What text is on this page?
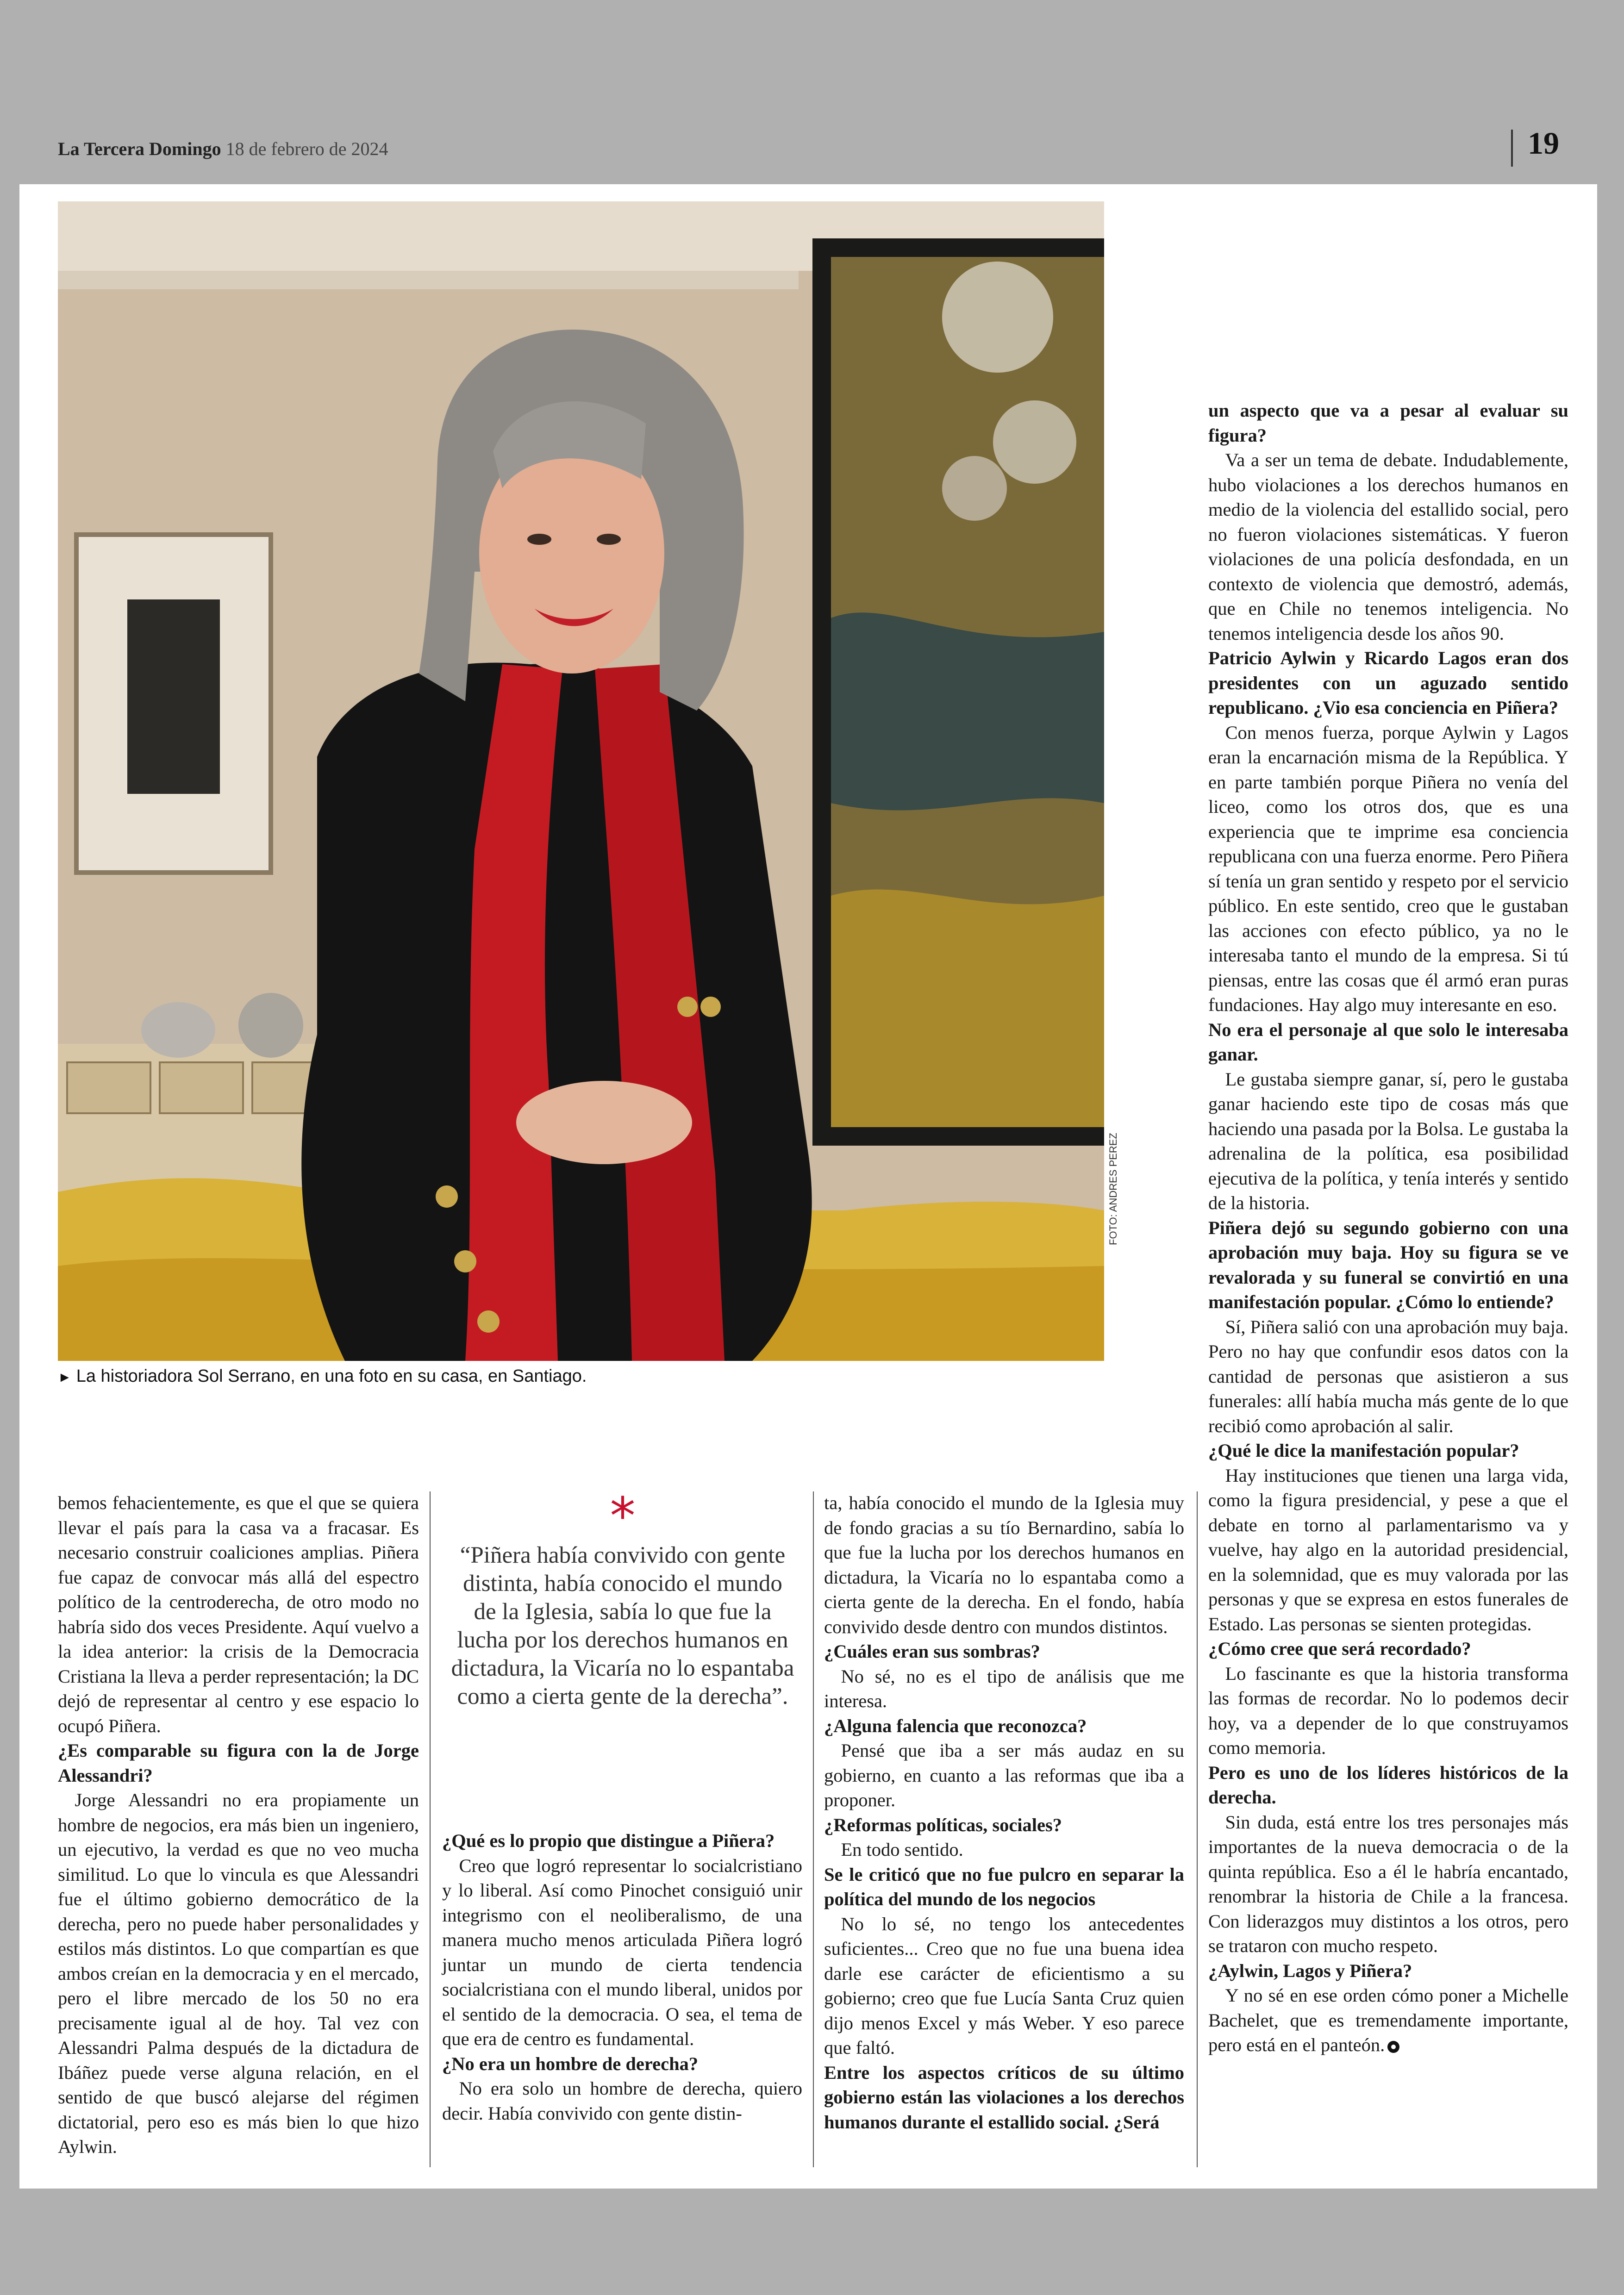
La Tercera Domingo 18 de febrero de 2024	19
FOTO: ANDRES PEREZ
► La historiadora Sol Serrano, en una foto en su casa, en Santiago.

bemos fehacientemente, es que el que se quiera llevar el país para la casa va a fracasar. Es necesario construir coaliciones amplias. Piñera fue capaz de convocar más allá del espectro político de la centroderecha, de otro modo no habría sido dos veces Presidente. Aquí vuelvo a la idea anterior: la crisis de la Democracia Cristiana la lleva a perder representación; la DC dejó de representar al centro y ese espacio lo ocupó Piñera.

¿Es comparable su figura con la de Jorge Alessandri?

Jorge Alessandri no era propiamente un hombre de negocios, era más bien un ingeniero, un ejecutivo, la verdad es que no veo mucha similitud. Lo que lo vincula es que Alessandri fue el último gobierno democrático de la derecha, pero no puede haber personalidades y estilos más distintos. Lo que compartían es que ambos creían en la democracia y en el mercado, pero el libre mercado de los 50 no era precisamente igual al de hoy. Tal vez con Alessandri Palma después de la dictadura de Ibáñez puede verse alguna relación, en el sentido de que buscó alejarse del régimen dictatorial, pero eso es más bien lo que hizo Aylwin.

*
“Piñera había convivido con gente distinta, había conocido el mundo de la Iglesia, sabía lo que fue la lucha por los derechos humanos en dictadura, la Vicaría no lo espantaba como a cierta gente de la derecha”.

¿Qué es lo propio que distingue a Piñera?

Creo que logró representar lo socialcristiano y lo liberal. Así como Pinochet consiguió unir integrismo con el neoliberalismo, de una manera mucho menos articulada Piñera logró juntar un mundo de cierta tendencia socialcristiana con el mundo liberal, unidos por el sentido de la democracia. O sea, el tema de que era de centro es fundamental.

¿No era un hombre de derecha?

No era solo un hombre de derecha, quiero decir. Había convivido con gente distin-

ta, había conocido el mundo de la Iglesia muy de fondo gracias a su tío Bernardino, sabía lo que fue la lucha por los derechos humanos en dictadura, la Vicaría no lo espantaba como a cierta gente de la derecha. En el fondo, había convivido desde dentro con mundos distintos.

¿Cuáles eran sus sombras?

No sé, no es el tipo de análisis que me interesa.

¿Alguna falencia que reconozca?

Pensé que iba a ser más audaz en su gobierno, en cuanto a las reformas que iba a proponer.

¿Reformas políticas, sociales?

En todo sentido.

Se le criticó que no fue pulcro en separar la política del mundo de los negocios

No lo sé, no tengo los antecedentes suficientes... Creo que no fue una buena idea darle ese carácter de eficientismo a su gobierno; creo que fue Lucía Santa Cruz quien dijo menos Excel y más Weber. Y eso parece que faltó.

Entre los aspectos críticos de su último gobierno están las violaciones a los derechos humanos durante el estallido social. ¿Será

un aspecto que va a pesar al evaluar su figura?

Va a ser un tema de debate. Indudablemente, hubo violaciones a los derechos humanos en medio de la violencia del estallido social, pero no fueron violaciones sistemáticas. Y fueron violaciones de una policía desfondada, en un contexto de violencia que demostró, además, que en Chile no tenemos inteligencia. No tenemos inteligencia desde los años 90.

Patricio Aylwin y Ricardo Lagos eran dos presidentes con un aguzado sentido republicano. ¿Vio esa conciencia en Piñera?

Con menos fuerza, porque Aylwin y Lagos eran la encarnación misma de la República. Y en parte también porque Piñera no venía del liceo, como los otros dos, que es una experiencia que te imprime esa conciencia republicana con una fuerza enorme. Pero Piñera sí tenía un gran sentido y respeto por el servicio público. En este sentido, creo que le gustaban las acciones con efecto público, ya no le interesaba tanto el mundo de la empresa. Si tú piensas, entre las cosas que él armó eran puras fundaciones. Hay algo muy interesante en eso.

No era el personaje al que solo le interesaba ganar.

Le gustaba siempre ganar, sí, pero le gustaba ganar haciendo este tipo de cosas más que haciendo una pasada por la Bolsa. Le gustaba la adrenalina de la política, esa posibilidad ejecutiva de la política, y tenía interés y sentido de la historia.

Piñera dejó su segundo gobierno con una aprobación muy baja. Hoy su figura se ve revalorada y su funeral se convirtió en una manifestación popular. ¿Cómo lo entiende?

Sí, Piñera salió con una aprobación muy baja. Pero no hay que confundir esos datos con la cantidad de personas que asistieron a sus funerales: allí había mucha más gente de lo que recibió como aprobación al salir.

¿Qué le dice la manifestación popular?

Hay instituciones que tienen una larga vida, como la figura presidencial, y pese a que el debate en torno al parlamentarismo va y vuelve, hay algo en la autoridad presidencial, en la solemnidad, que es muy valorada por las personas y que se expresa en estos funerales de Estado. Las personas se sienten protegidas.

¿Cómo cree que será recordado?

Lo fascinante es que la historia transforma las formas de recordar. No lo podemos decir hoy, va a depender de lo que construyamos como memoria.

Pero es uno de los líderes históricos de la derecha.

Sin duda, está entre los tres personajes más importantes de la nueva democracia o de la quinta república. Eso a él le habría encantado, renombrar la historia de Chile a la francesa. Con liderazgos muy distintos a los otros, pero se trataron con mucho respeto.

¿Aylwin, Lagos y Piñera?

Y no sé en ese orden cómo poner a Michelle Bachelet, que es tremendamente importante, pero está en el panteón.
